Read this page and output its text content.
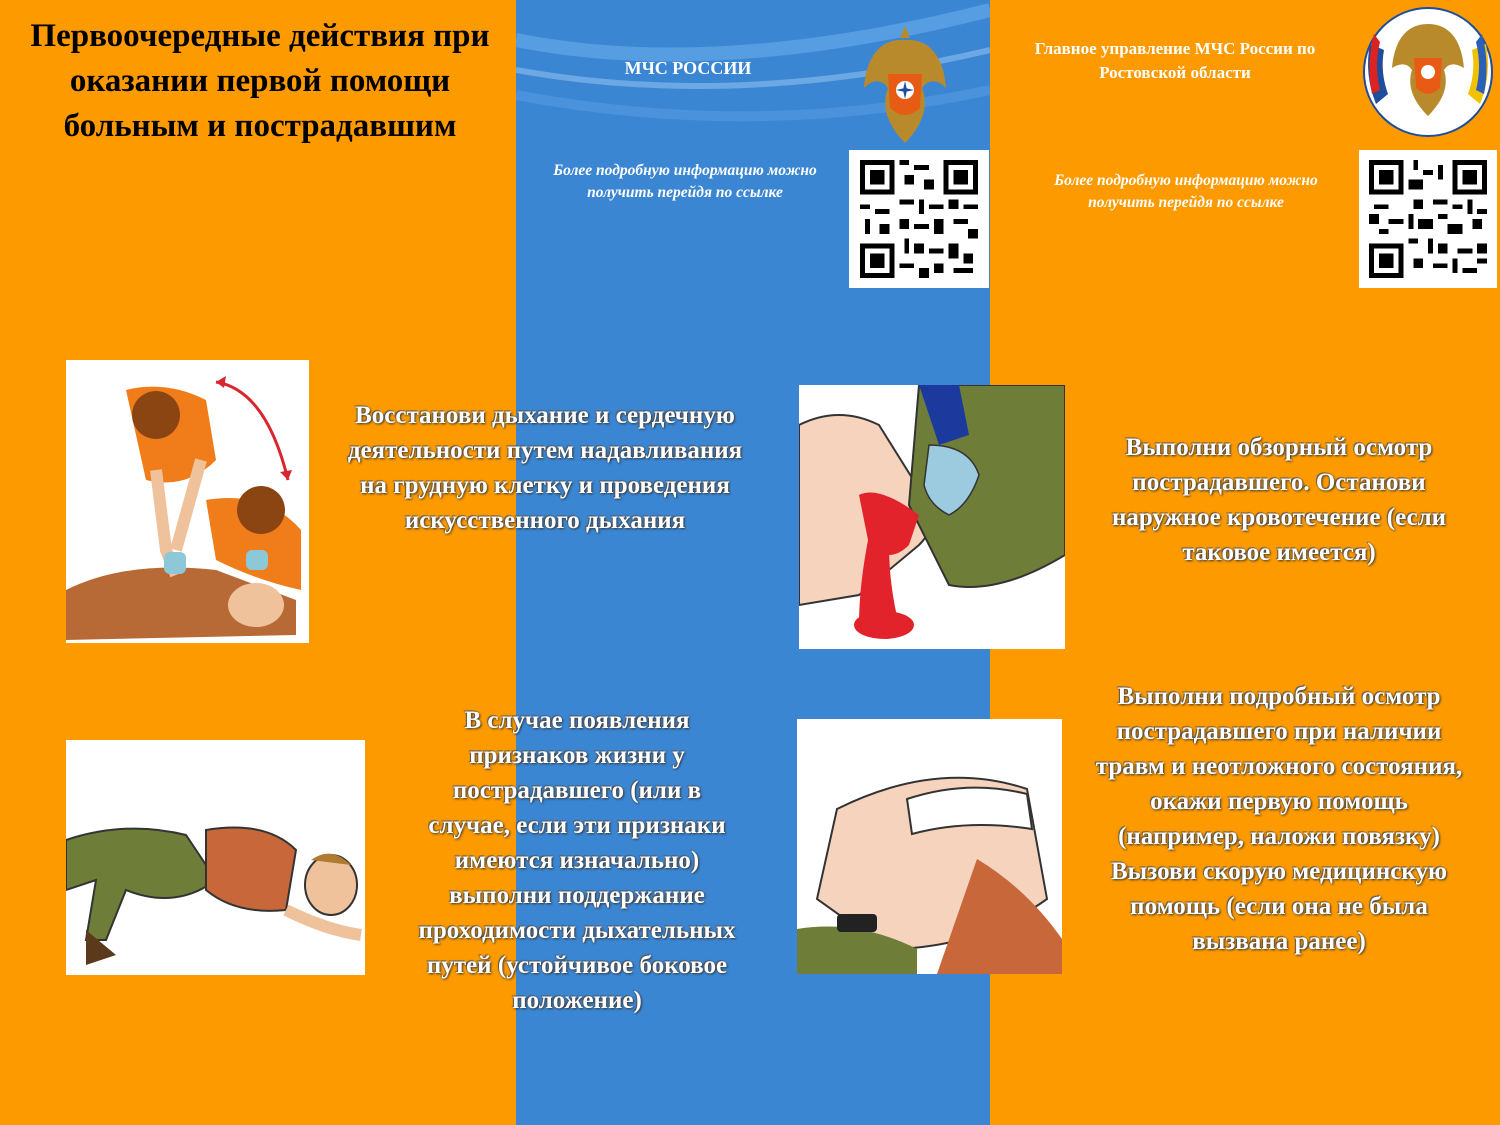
Первоочередные действия при оказании первой помощи больным и пострадавшим
МЧС РОССИИ
Главное управление МЧС России по Ростовской области
Более подробную информацию можно получить перейдя по ссылке
Более подробную информацию можно получить перейдя по ссылке
Восстанови дыхание и сердечную деятельности путем надавливания на грудную клетку и проведения искусственного дыхания
Выполни обзорный осмотр пострадавшего. Останови наружное кровотечение (если таковое имеется)
В случае появления признаков жизни у пострадавшего (или в случае, если эти признаки имеются изначально) выполни поддержание проходимости дыхательных путей (устойчивое боковое положение)
Выполни подробный осмотр пострадавшего при наличии травм и неотложного состояния, окажи первую помощь (например, наложи повязку)
Вызови скорую медицинскую помощь (если она не была вызвана ранее)
